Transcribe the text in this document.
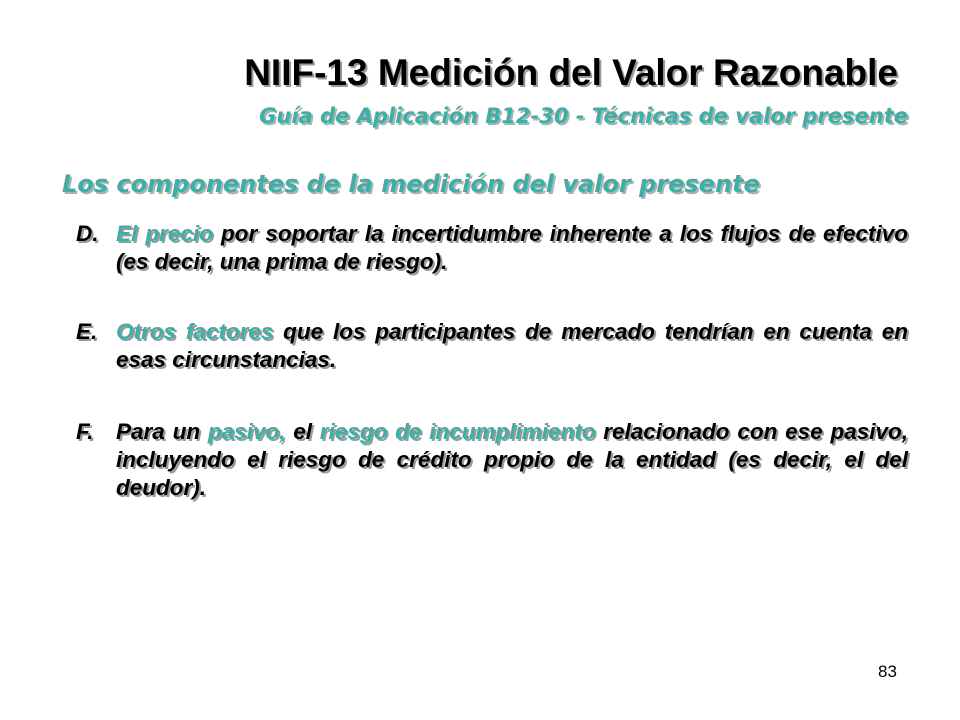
NIIF-13 Medición del Valor Razonable
Guía de Aplicación B12-30 - Técnicas de valor presente
Los componentes de la medición del valor presente
D. El precio por soportar la incertidumbre inherente a los flujos de efectivo (es decir, una prima de riesgo).
E. Otros factores que los participantes de mercado tendrían en cuenta en esas circunstancias.
F. Para un pasivo, el riesgo de incumplimiento relacionado con ese pasivo, incluyendo el riesgo de crédito propio de la entidad (es decir, el del deudor).
83
